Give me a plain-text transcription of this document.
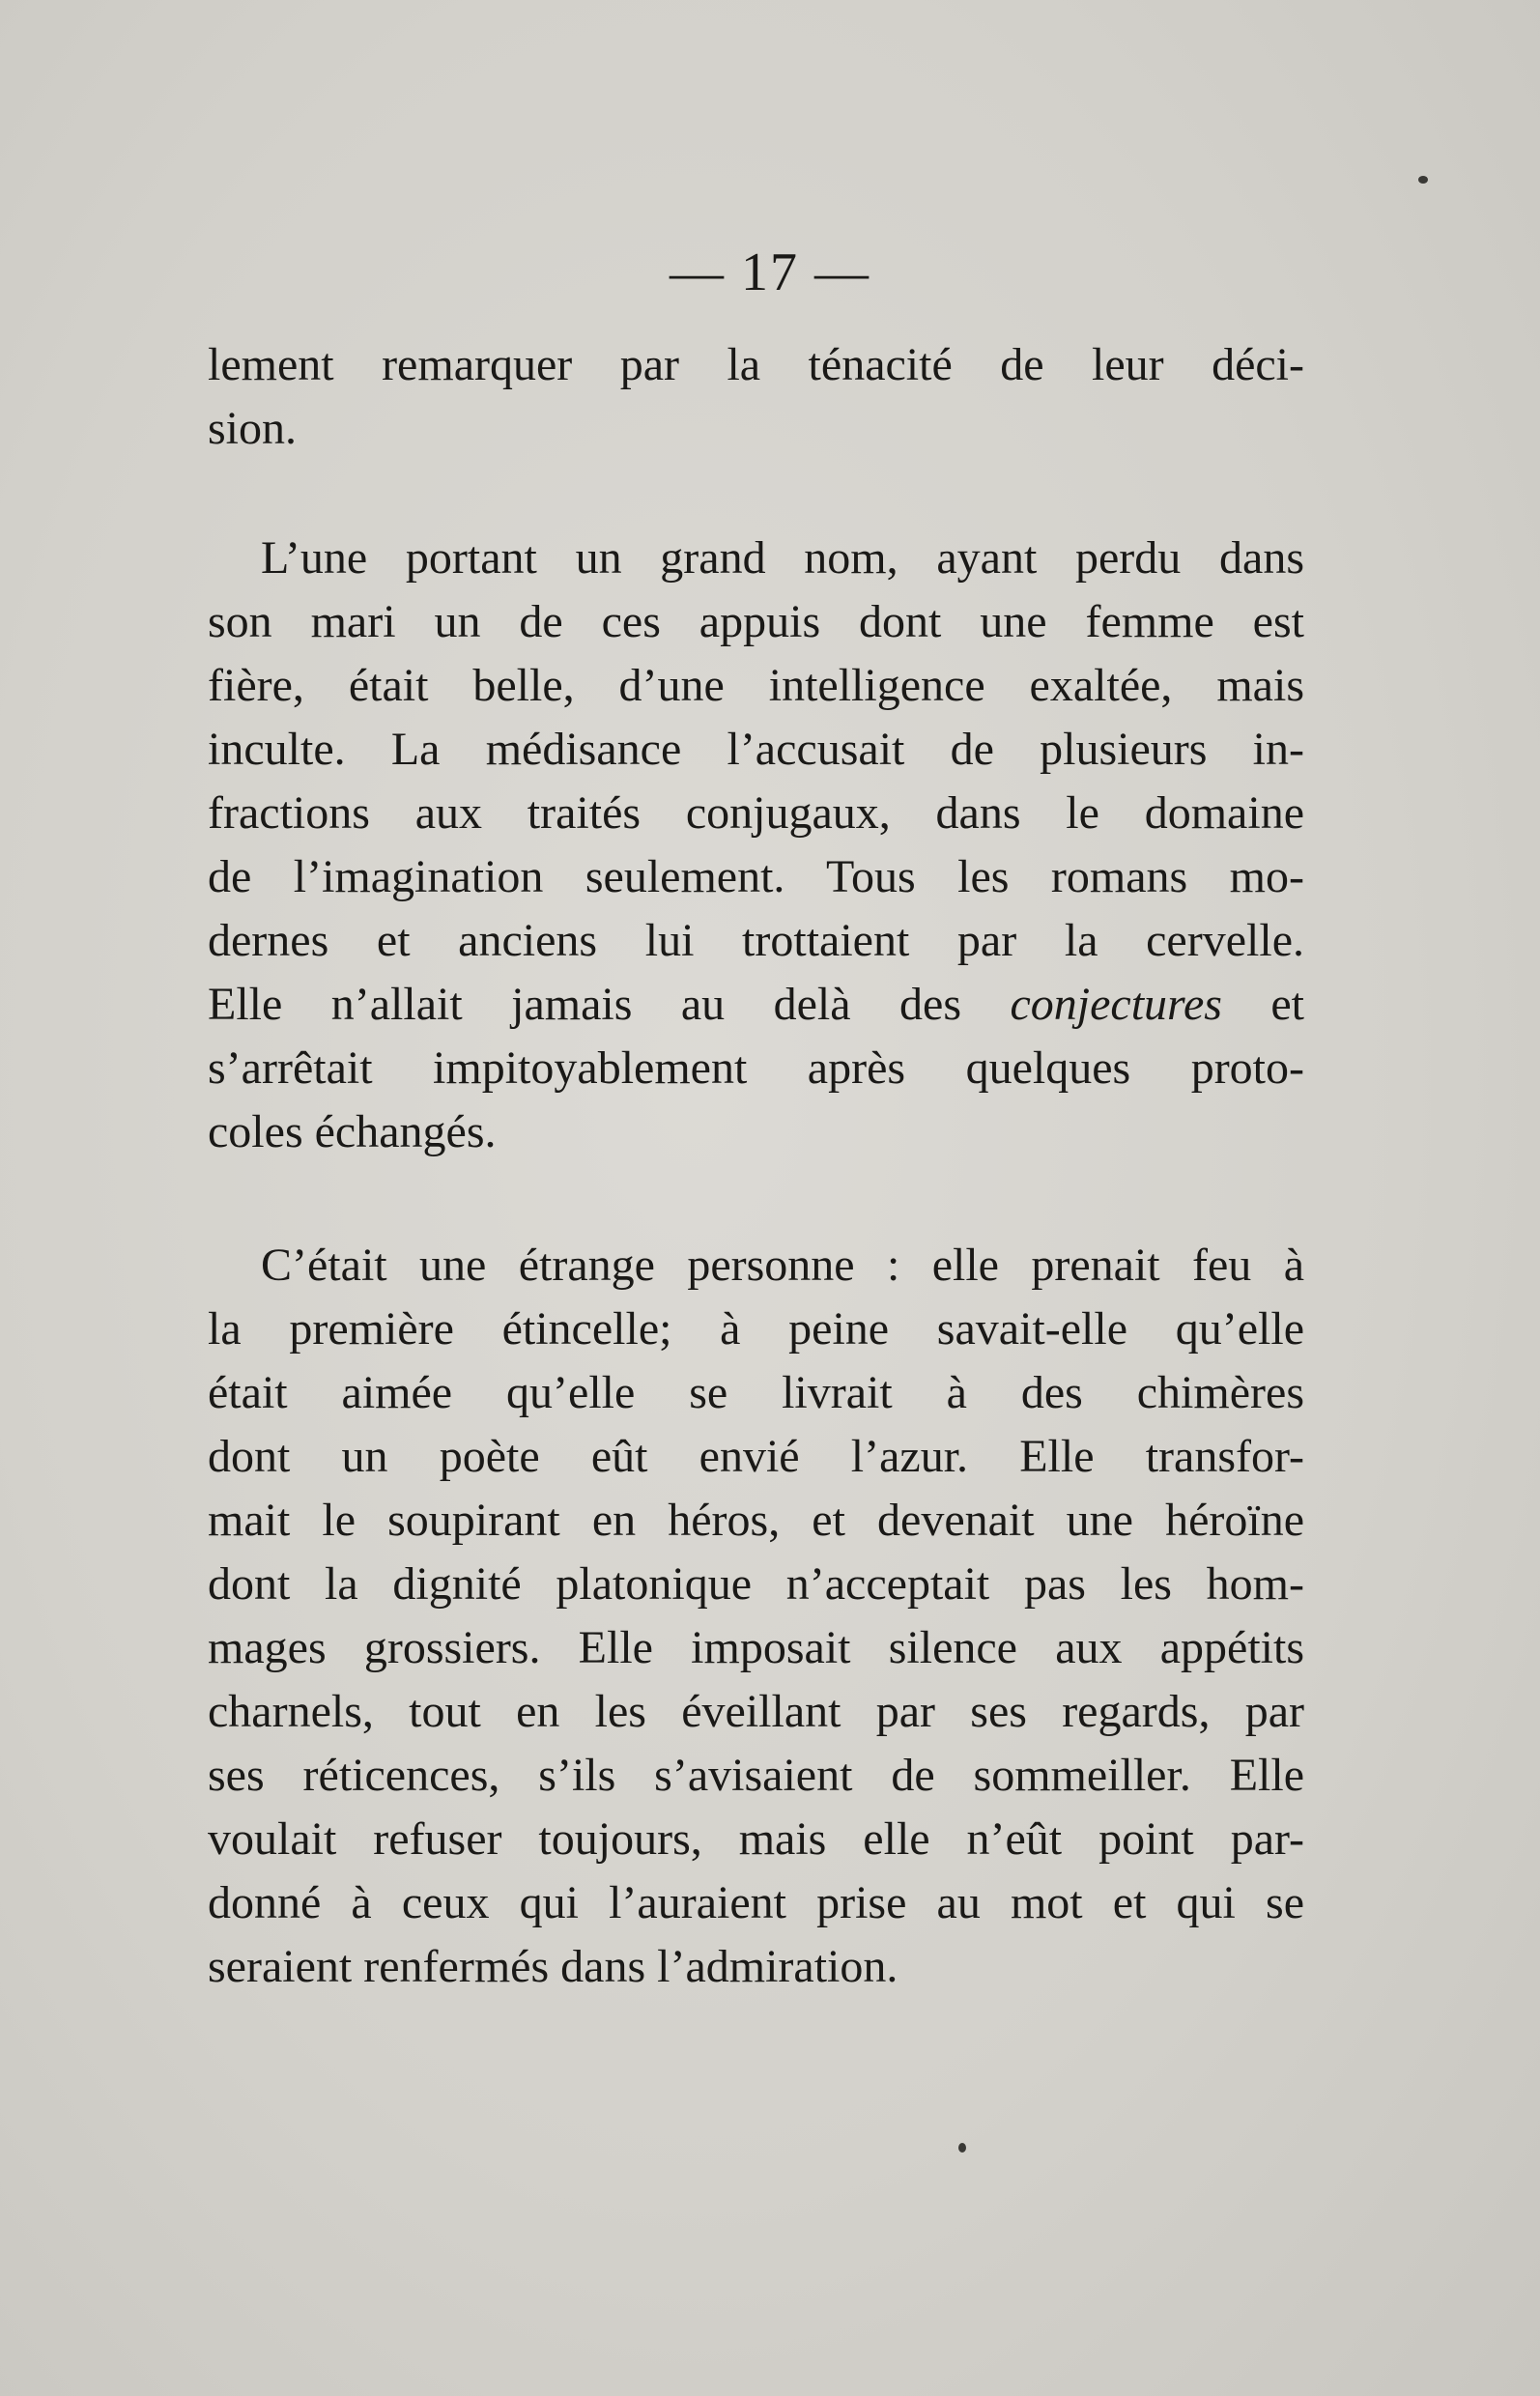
— 17 —
lement remarquer par la ténacité de leur déci-
sion.
L’une portant un grand nom, ayant perdu dans
son mari un de ces appuis dont une femme est
fière, était belle, d’une intelligence exaltée, mais
inculte. La médisance l’accusait de plusieurs in-
fractions aux traités conjugaux, dans le domaine
de l’imagination seulement. Tous les romans mo-
dernes et anciens lui trottaient par la cervelle.
Elle n’allait jamais au delà des conjectures et
s’arrêtait impitoyablement après quelques proto-
coles échangés.
C’était une étrange personne : elle prenait feu à
la première étincelle; à peine savait-elle qu’elle
était aimée qu’elle se livrait à des chimères
dont un poète eût envié l’azur. Elle transfor-
mait le soupirant en héros, et devenait une héroïne
dont la dignité platonique n’acceptait pas les hom-
mages grossiers. Elle imposait silence aux appétits
charnels, tout en les éveillant par ses regards, par
ses réticences, s’ils s’avisaient de sommeiller. Elle
voulait refuser toujours, mais elle n’eût point par-
donné à ceux qui l’auraient prise au mot et qui se
seraient renfermés dans l’admiration.
